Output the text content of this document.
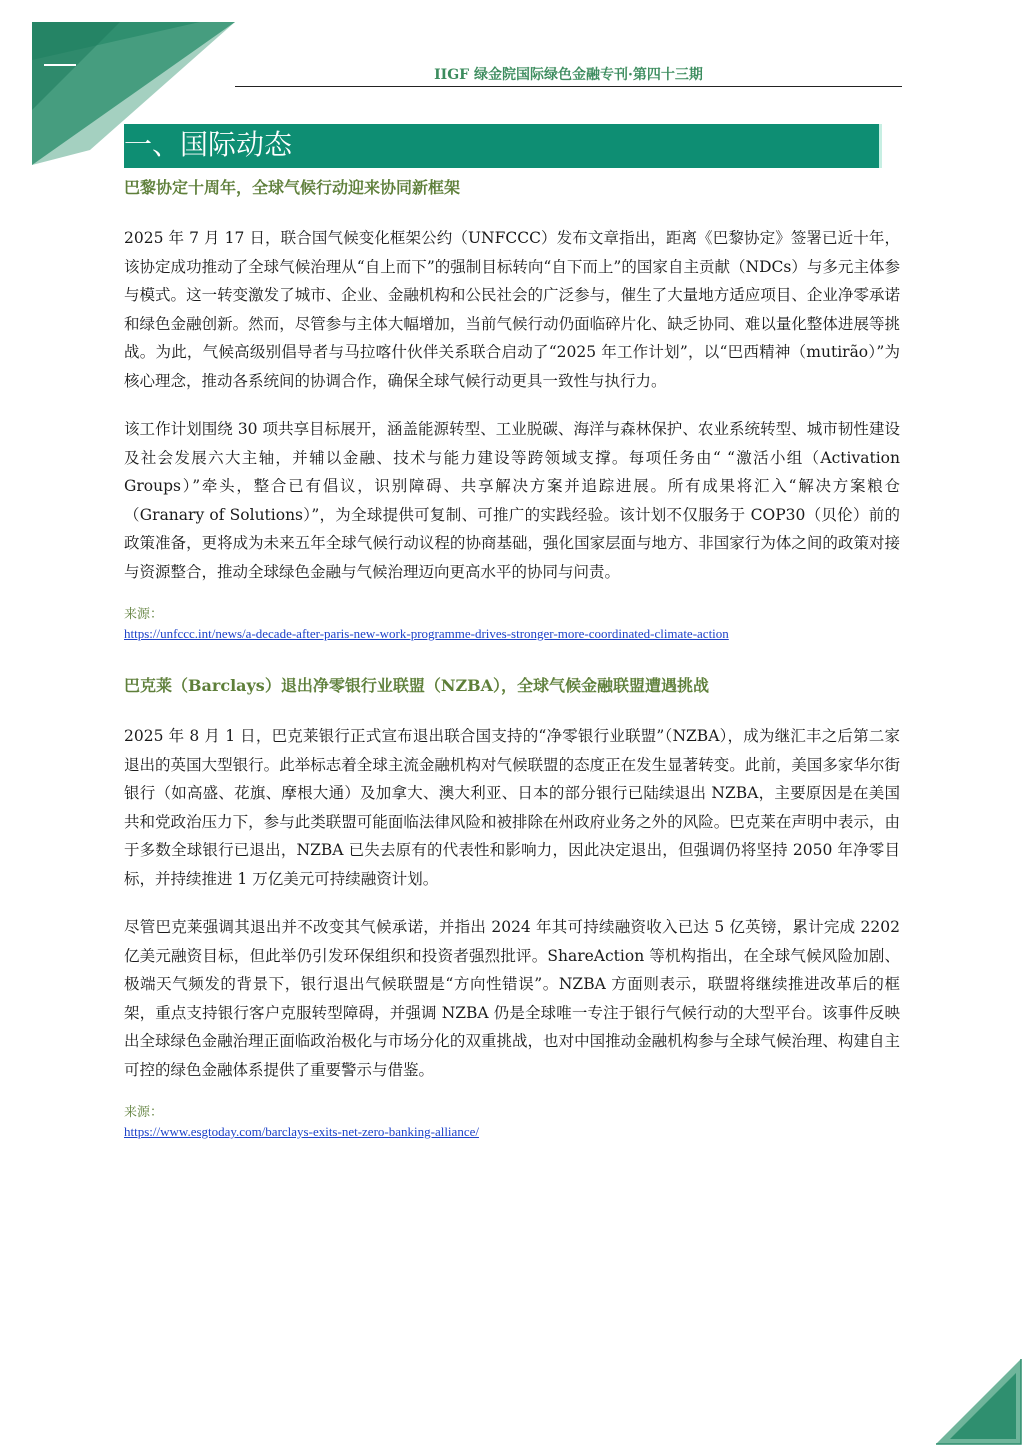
IIGF 绿金院国际绿色金融专刊·第四十三期
一、国际动态
巴黎协定十周年，全球气候行动迎来协同新框架

2025 年 7 月 17 日，联合国气候变化框架公约（UNFCCC）发布文章指出，距离《巴黎协定》签署已近十年，该协定成功推动了全球气候治理从“自上而下”的强制目标转向“自下而上”的国家自主贡献（NDCs）与多元主体参与模式。这一转变激发了城市、企业、金融机构和公民社会的广泛参与，催生了大量地方适应项目、企业净零承诺和绿色金融创新。然而，尽管参与主体大幅增加，当前气候行动仍面临碎片化、缺乏协同、难以量化整体进展等挑战。为此，气候高级别倡导者与马拉喀什伙伴关系联合启动了“2025 年工作计划”，以“巴西精神（mutirão）”为核心理念，推动各系统间的协调合作，确保全球气候行动更具一致性与执行力。

该工作计划围绕 30 项共享目标展开，涵盖能源转型、工业脱碳、海洋与森林保护、农业系统转型、城市韧性建设及社会发展六大主轴，并辅以金融、技术与能力建设等跨领域支撑。每项任务由“ “激活小组（Activation Groups）”牵头，整合已有倡议，识别障碍、共享解决方案并追踪进展。所有成果将汇入“解决方案粮仓（Granary of Solutions）”，为全球提供可复制、可推广的实践经验。该计划不仅服务于 COP30（贝伦）前的政策准备，更将成为未来五年全球气候行动议程的协商基础，强化国家层面与地方、非国家行为体之间的政策对接与资源整合，推动全球绿色金融与气候治理迈向更高水平的协同与问责。

来源：

https://unfccc.int/news/a-decade-after-paris-new-work-programme-drives-stronger-more-coordinated-climate-action
巴克莱（Barclays）退出净零银行业联盟（NZBA），全球气候金融联盟遭遇挑战

2025 年 8 月 1 日，巴克莱银行正式宣布退出联合国支持的“净零银行业联盟”（NZBA），成为继汇丰之后第二家退出的英国大型银行。此举标志着全球主流金融机构对气候联盟的态度正在发生显著转变。此前，美国多家华尔街银行（如高盛、花旗、摩根大通）及加拿大、澳大利亚、日本的部分银行已陆续退出 NZBA，主要原因是在美国共和党政治压力下，参与此类联盟可能面临法律风险和被排除在州政府业务之外的风险。巴克莱在声明中表示，由于多数全球银行已退出，NZBA 已失去原有的代表性和影响力，因此决定退出，但强调仍将坚持 2050 年净零目标，并持续推进 1 万亿美元可持续融资计划。

尽管巴克莱强调其退出并不改变其气候承诺，并指出 2024 年其可持续融资收入已达 5 亿英镑，累计完成 2202 亿美元融资目标，但此举仍引发环保组织和投资者强烈批评。ShareAction 等机构指出，在全球气候风险加剧、极端天气频发的背景下，银行退出气候联盟是“方向性错误”。NZBA 方面则表示，联盟将继续推进改革后的框架，重点支持银行客户克服转型障碍，并强调 NZBA 仍是全球唯一专注于银行气候行动的大型平台。该事件反映出全球绿色金融治理正面临政治极化与市场分化的双重挑战，也对中国推动金融机构参与全球气候治理、构建自主可控的绿色金融体系提供了重要警示与借鉴。

来源：

https://www.esgtoday.com/barclays-exits-net-zero-banking-alliance/
